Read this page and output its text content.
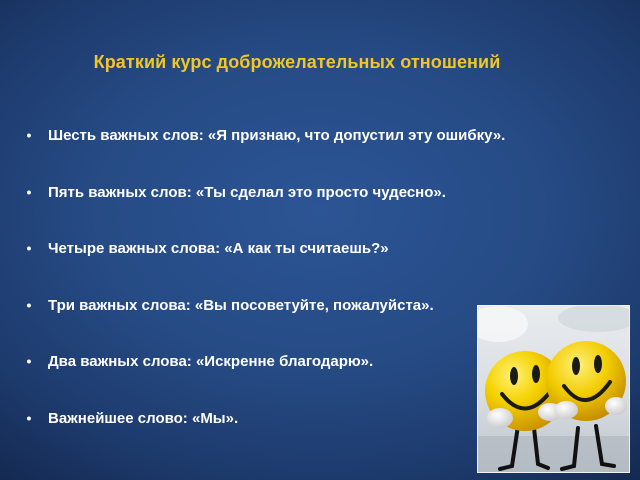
Краткий курс доброжелательных отношений
•	Шесть важных слов: «Я признаю, что допустил эту ошибку».
•	Пять важных слов: «Ты сделал это просто чудесно».
•	Четыре важных слова: «А как ты считаешь?»
•	Три важных слова: «Вы посоветуйте, пожалуйста».
•	Два важных слова: «Искренне благодарю».
•	Важнейшее слово: «Мы».
